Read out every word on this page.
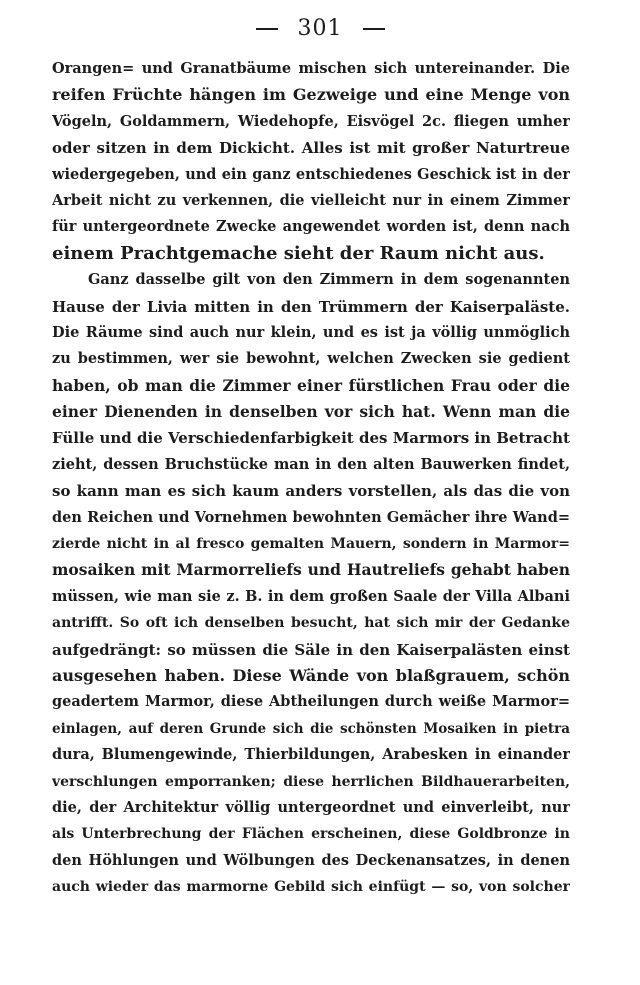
301
Orangen= und Granatbäume mischen sich untereinander. Die
reifen Früchte hängen im Gezweige und eine Menge von
Vögeln, Goldammern, Wiedehopfe, Eisvögel 2c. fliegen umher
oder sitzen in dem Dickicht. Alles ist mit großer Naturtreue
wiedergegeben, und ein ganz entschiedenes Geschick ist in der
Arbeit nicht zu verkennen, die vielleicht nur in einem Zimmer
für untergeordnete Zwecke angewendet worden ist, denn nach
einem Prachtgemache sieht der Raum nicht aus.
Ganz dasselbe gilt von den Zimmern in dem sogenannten
Hause der Livia mitten in den Trümmern der Kaiserpaläste.
Die Räume sind auch nur klein, und es ist ja völlig unmöglich
zu bestimmen, wer sie bewohnt, welchen Zwecken sie gedient
haben, ob man die Zimmer einer fürstlichen Frau oder die
einer Dienenden in denselben vor sich hat. Wenn man die
Fülle und die Verschiedenfarbigkeit des Marmors in Betracht
zieht, dessen Bruchstücke man in den alten Bauwerken findet,
so kann man es sich kaum anders vorstellen, als das die von
den Reichen und Vornehmen bewohnten Gemächer ihre Wand=
zierde nicht in al fresco gemalten Mauern, sondern in Marmor=
mosaiken mit Marmorreliefs und Hautreliefs gehabt haben
müssen, wie man sie z. B. in dem großen Saale der Villa Albani
antrifft. So oft ich denselben besucht, hat sich mir der Gedanke
aufgedrängt: so müssen die Säle in den Kaiserpalästen einst
ausgesehen haben. Diese Wände von blaßgrauem, schön
geadertem Marmor, diese Abtheilungen durch weiße Marmor=
einlagen, auf deren Grunde sich die schönsten Mosaiken in pietra
dura, Blumengewinde, Thierbildungen, Arabesken in einander
verschlungen emporranken; diese herrlichen Bildhauerarbeiten,
die, der Architektur völlig untergeordnet und einverleibt, nur
als Unterbrechung der Flächen erscheinen, diese Goldbronze in
den Höhlungen und Wölbungen des Deckenansatzes, in denen
auch wieder das marmorne Gebild sich einfügt — so, von solcher
